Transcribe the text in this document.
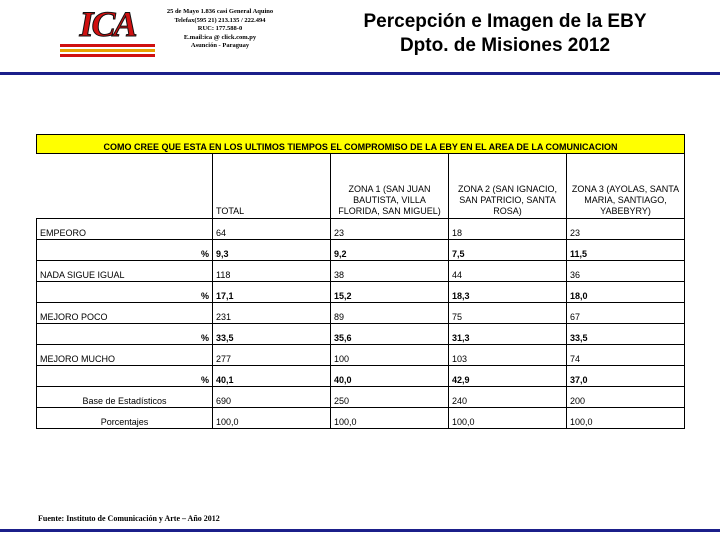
ICA	25 de Mayo 1.836 casi General Aquino
Telefax(595 21) 213.135 / 222.494
RUC: 177.588-0
E.mail:ica @ click.com.py
Asunción - Paraguay
Percepción e Imagen de la EBY
Dpto. de Misiones 2012
COMO CREE QUE ESTA EN LOS ULTIMOS TIEMPOS EL COMPROMISO DE LA EBY EN EL AREA DE LA COMUNICACION				
	TOTAL	ZONA 1 (SAN JUAN BAUTISTA, VILLA FLORIDA, SAN MIGUEL)	ZONA 2 (SAN IGNACIO, SAN PATRICIO, SANTA ROSA)	ZONA 3 (AYOLAS, SANTA MARIA, SANTIAGO, YABEBYRY)
EMPEORO	64	23	18	23
%	9,3	9,2	7,5	11,5
NADA SIGUE IGUAL	118	38	44	36
%	17,1	15,2	18,3	18,0
MEJORO POCO	231	89	75	67
%	33,5	35,6	31,3	33,5
MEJORO MUCHO	277	100	103	74
%	40,1	40,0	42,9	37,0
Base de Estadísticos	690	250	240	200
Porcentajes	100,0	100,0	100,0	100,0
Fuente: Instituto de Comunicación y Arte – Año 2012
